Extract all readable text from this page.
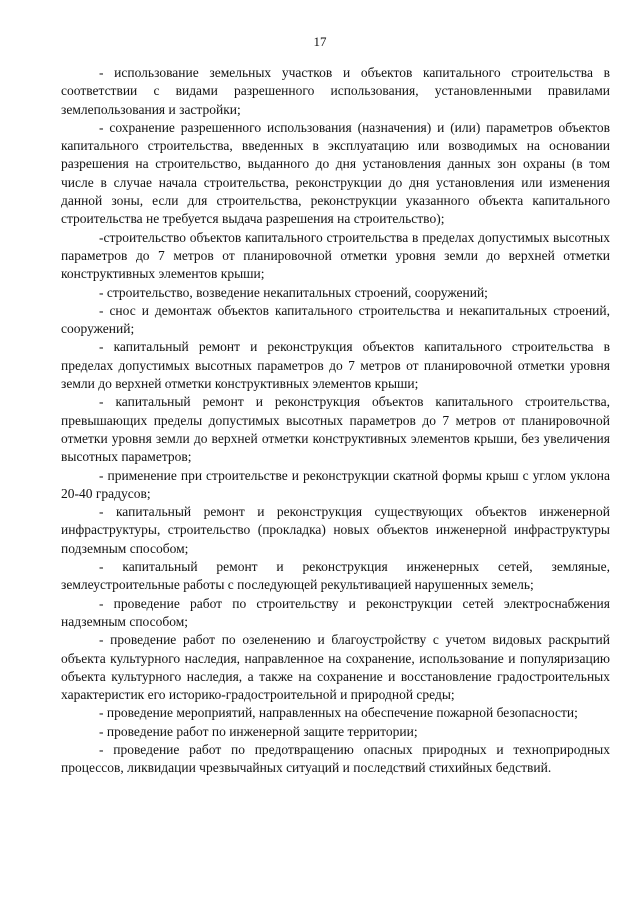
17

- использование земельных участков и объектов капитального строительства в соответствии с видами разрешенного использования, установленными правилами землепользования и застройки;

- сохранение разрешенного использования (назначения) и (или) параметров объектов капитального строительства, введенных в эксплуатацию или возводимых на основании разрешения на строительство, выданного до дня установления данных зон охраны (в том числе в случае начала строительства, реконструкции до дня установления или изменения данной зоны, если для строительства, реконструкции указанного объекта капитального строительства не требуется выдача разрешения на строительство);

-строительство объектов капитального строительства в пределах допустимых высотных параметров до 7 метров от планировочной отметки уровня земли до верхней отметки конструктивных элементов крыши;

- строительство, возведение некапитальных строений, сооружений;

- снос и демонтаж объектов капитального строительства и некапитальных строений, сооружений;

- капитальный ремонт и реконструкция объектов капитального строительства в пределах допустимых высотных параметров до 7 метров от планировочной отметки уровня земли до верхней отметки конструктивных элементов крыши;

- капитальный ремонт и реконструкция объектов капитального строительства, превышающих пределы допустимых высотных параметров до 7 метров от планировочной отметки уровня земли до верхней отметки конструктивных элементов крыши, без увеличения высотных параметров;

- применение при строительстве и реконструкции скатной формы крыш с углом уклона 20-40 градусов;

- капитальный ремонт и реконструкция существующих объектов инженерной инфраструктуры, строительство (прокладка) новых объектов инженерной инфраструктуры подземным способом;

- капитальный ремонт и реконструкция инженерных сетей, земляные, землеустроительные работы с последующей рекультивацией нарушенных земель;

- проведение работ по строительству и реконструкции сетей электроснабжения надземным способом;

- проведение работ по озеленению и благоустройству с учетом видовых раскрытий объекта культурного наследия, направленное на сохранение, использование и популяризацию объекта культурного наследия, а также на сохранение и восстановление градостроительных характеристик его историко-градостроительной и природной среды;

- проведение мероприятий, направленных на обеспечение пожарной безопасности;

- проведение работ по инженерной защите территории;

- проведение работ по предотвращению опасных природных и технoприродных процессов, ликвидации чрезвычайных ситуаций и последствий стихийных бедствий.
